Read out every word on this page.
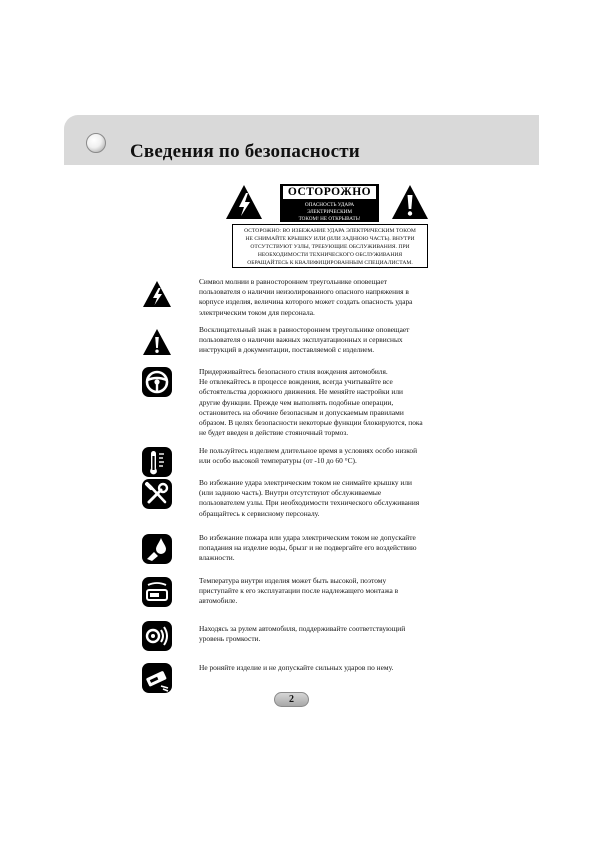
Сведения по безопасности
ОСТОРОЖНО
ОПАСНОСТЬ УДАРА ЭЛЕКТРИЧЕСКИМ
ТОКОМ! НЕ ОТКРЫВАТЬ!
ОСТОРОЖНО: ВО ИЗБЕЖАНИЕ УДАРА ЭЛЕКТРИЧЕСКИМ ТОКОМ
НЕ СНИМАЙТЕ КРЫШКУ ИЛИ (ИЛИ ЗАДНЮЮ ЧАСТЬ). ВНУТРИ
ОТСУТСТВУЮТ УЗЛЫ, ТРЕБУЮЩИЕ ОБСЛУЖИВАНИЯ. ПРИ
НЕОБХОДИМОСТИ ТЕХНИЧЕСКОГО ОБСЛУЖИВАНИЯ
ОБРАЩАЙТЕСЬ К КВАЛИФИЦИРОВАННЫМ СПЕЦИАЛИСТАМ.

Символ молнии в равностороннем треугольнике оповещает
пользователя о наличии неизолированного опасного напряжения в
корпусе изделия, величина которого может создать опасность удара
электрическим током для персонала.

Восклицательный знак в равностороннем треугольнике оповещает
пользователя о наличии важных эксплуатационных и сервисных
инструкций в документации, поставляемой с изделием.

Придерживайтесь безопасного стиля вождения автомобиля.
Не отвлекайтесь в процессе вождения, всегда учитывайте все
обстоятельства дорожного движения. Не меняйте настройки или
другие функции. Прежде чем выполнять подобные операции,
остановитесь на обочине безопасным и допускаемым правилами
образом. В целях безопасности некоторые функции блокируются, пока
не будет введен в действие стояночный тормоз.

Не пользуйтесь изделием длительное время в условиях особо низкой
или особо высокой температуры (от -10 до 60 °С).

Во избежание удара электрическим током не снимайте крышку или
(или заднюю часть). Внутри отсутствуют обслуживаемые
пользователем узлы. При необходимости технического обслуживания
обращайтесь к сервисному персоналу.

Во избежание пожара или удара электрическим током не допускайте
попадания на изделие воды, брызг и не подвергайте его воздействию
влажности.

Температура внутри изделия может быть высокой, поэтому
приступайте к его эксплуатации после надлежащего монтажа в
автомобиле.

Находясь за рулем автомобиля, поддерживайте соответствующий
уровень громкости.

Не роняйте изделие и не допускайте сильных ударов по нему.

2
